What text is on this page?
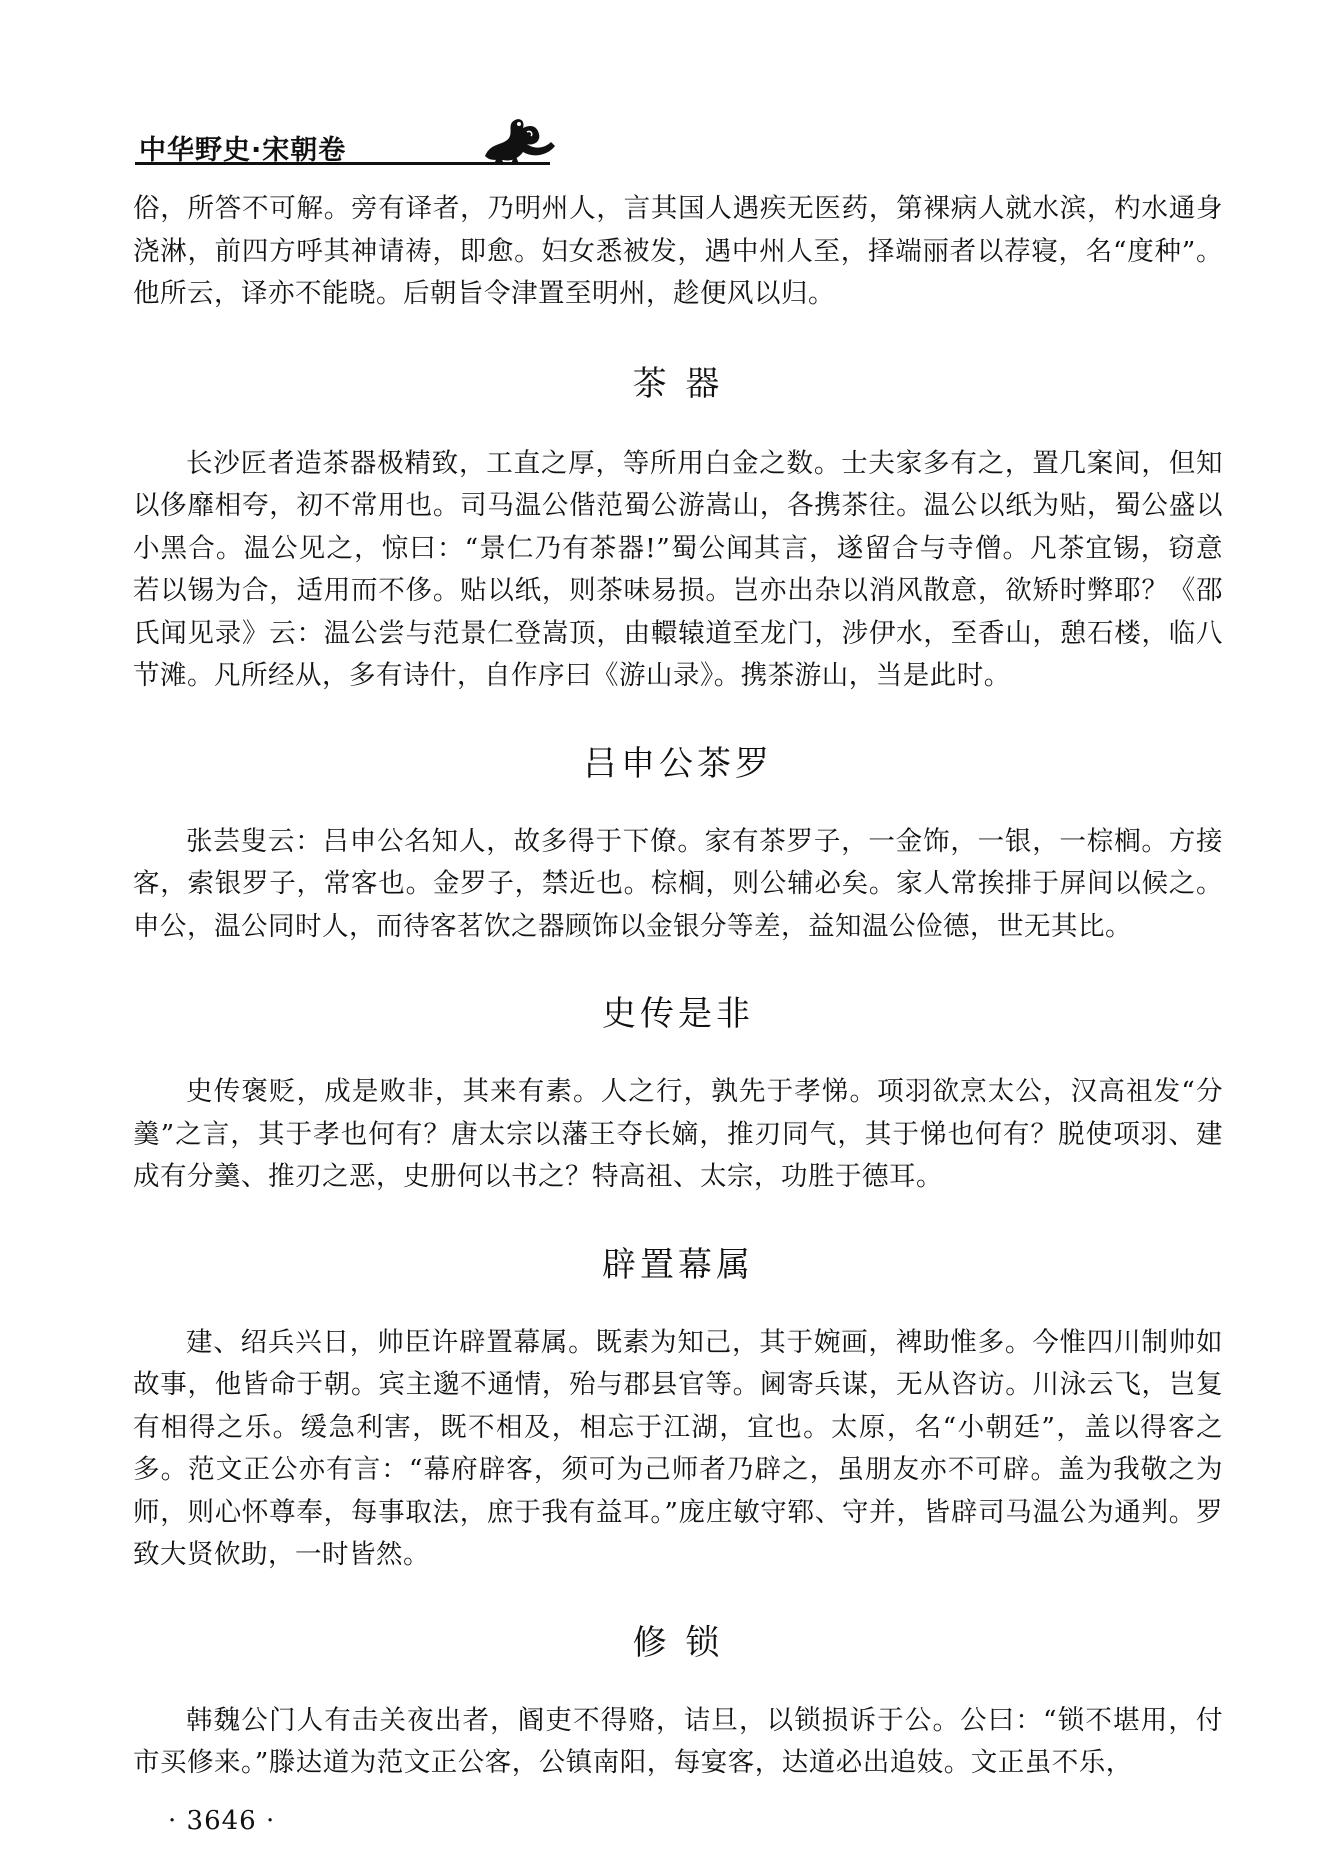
中华野史·宋朝卷

俗，所答不可解。旁有译者，乃明州人，言其国人遇疾无医药，第裸病人就水滨，杓水通身浇淋，前四方呼其神请祷，即愈。妇女悉被发，遇中州人至，择端丽者以荐寝，名“度种”。他所云，译亦不能晓。后朝旨令津置至明州，趁便风以归。

茶 器

长沙匠者造茶器极精致，工直之厚，等所用白金之数。士夫家多有之，置几案间，但知以侈靡相夸，初不常用也。司马温公偕范蜀公游嵩山，各携茶往。温公以纸为贴，蜀公盛以小黑合。温公见之，惊曰：“景仁乃有茶器!”蜀公闻其言，遂留合与寺僧。凡茶宜锡，窃意若以锡为合，适用而不侈。贴以纸，则茶味易损。岂亦出杂以消风散意，欲矫时弊耶？《邵氏闻见录》云：温公尝与范景仁登嵩顶，由轘辕道至龙门，涉伊水，至香山，憩石楼，临八节滩。凡所经从，多有诗什，自作序曰《游山录》。携茶游山，当是此时。

吕申公茶罗

张芸叟云：吕申公名知人，故多得于下僚。家有茶罗子，一金饰，一银，一棕榈。方接客，索银罗子，常客也。金罗子，禁近也。棕榈，则公辅必矣。家人常挨排于屏间以候之。申公，温公同时人，而待客茗饮之器顾饰以金银分等差，益知温公俭德，世无其比。

史传是非

史传褒贬，成是败非，其来有素。人之行，孰先于孝悌。项羽欲烹太公，汉高祖发“分羹”之言，其于孝也何有？唐太宗以藩王夺长嫡，推刃同气，其于悌也何有？脱使项羽、建成有分羹、推刃之恶，史册何以书之？特高祖、太宗，功胜于德耳。

辟置幕属

建、绍兵兴日，帅臣许辟置幕属。既素为知己，其于婉画，裨助惟多。今惟四川制帅如故事，他皆命于朝。宾主邈不通情，殆与郡县官等。阃寄兵谋，无从咨访。川泳云飞，岂复有相得之乐。缓急利害，既不相及，相忘于江湖，宜也。太原，名“小朝廷”，盖以得客之多。范文正公亦有言：“幕府辟客，须可为己师者乃辟之，虽朋友亦不可辟。盖为我敬之为师，则心怀尊奉，每事取法，庶于我有益耳。”庞庄敏守郓、守并，皆辟司马温公为通判。罗致大贤佽助，一时皆然。

修 锁

韩魏公门人有击关夜出者，阍吏不得赂，诘旦，以锁损诉于公。公曰：“锁不堪用，付市买修来。”滕达道为范文正公客，公镇南阳，每宴客，达道必出追妓。文正虽不乐，

· 3646 ·
